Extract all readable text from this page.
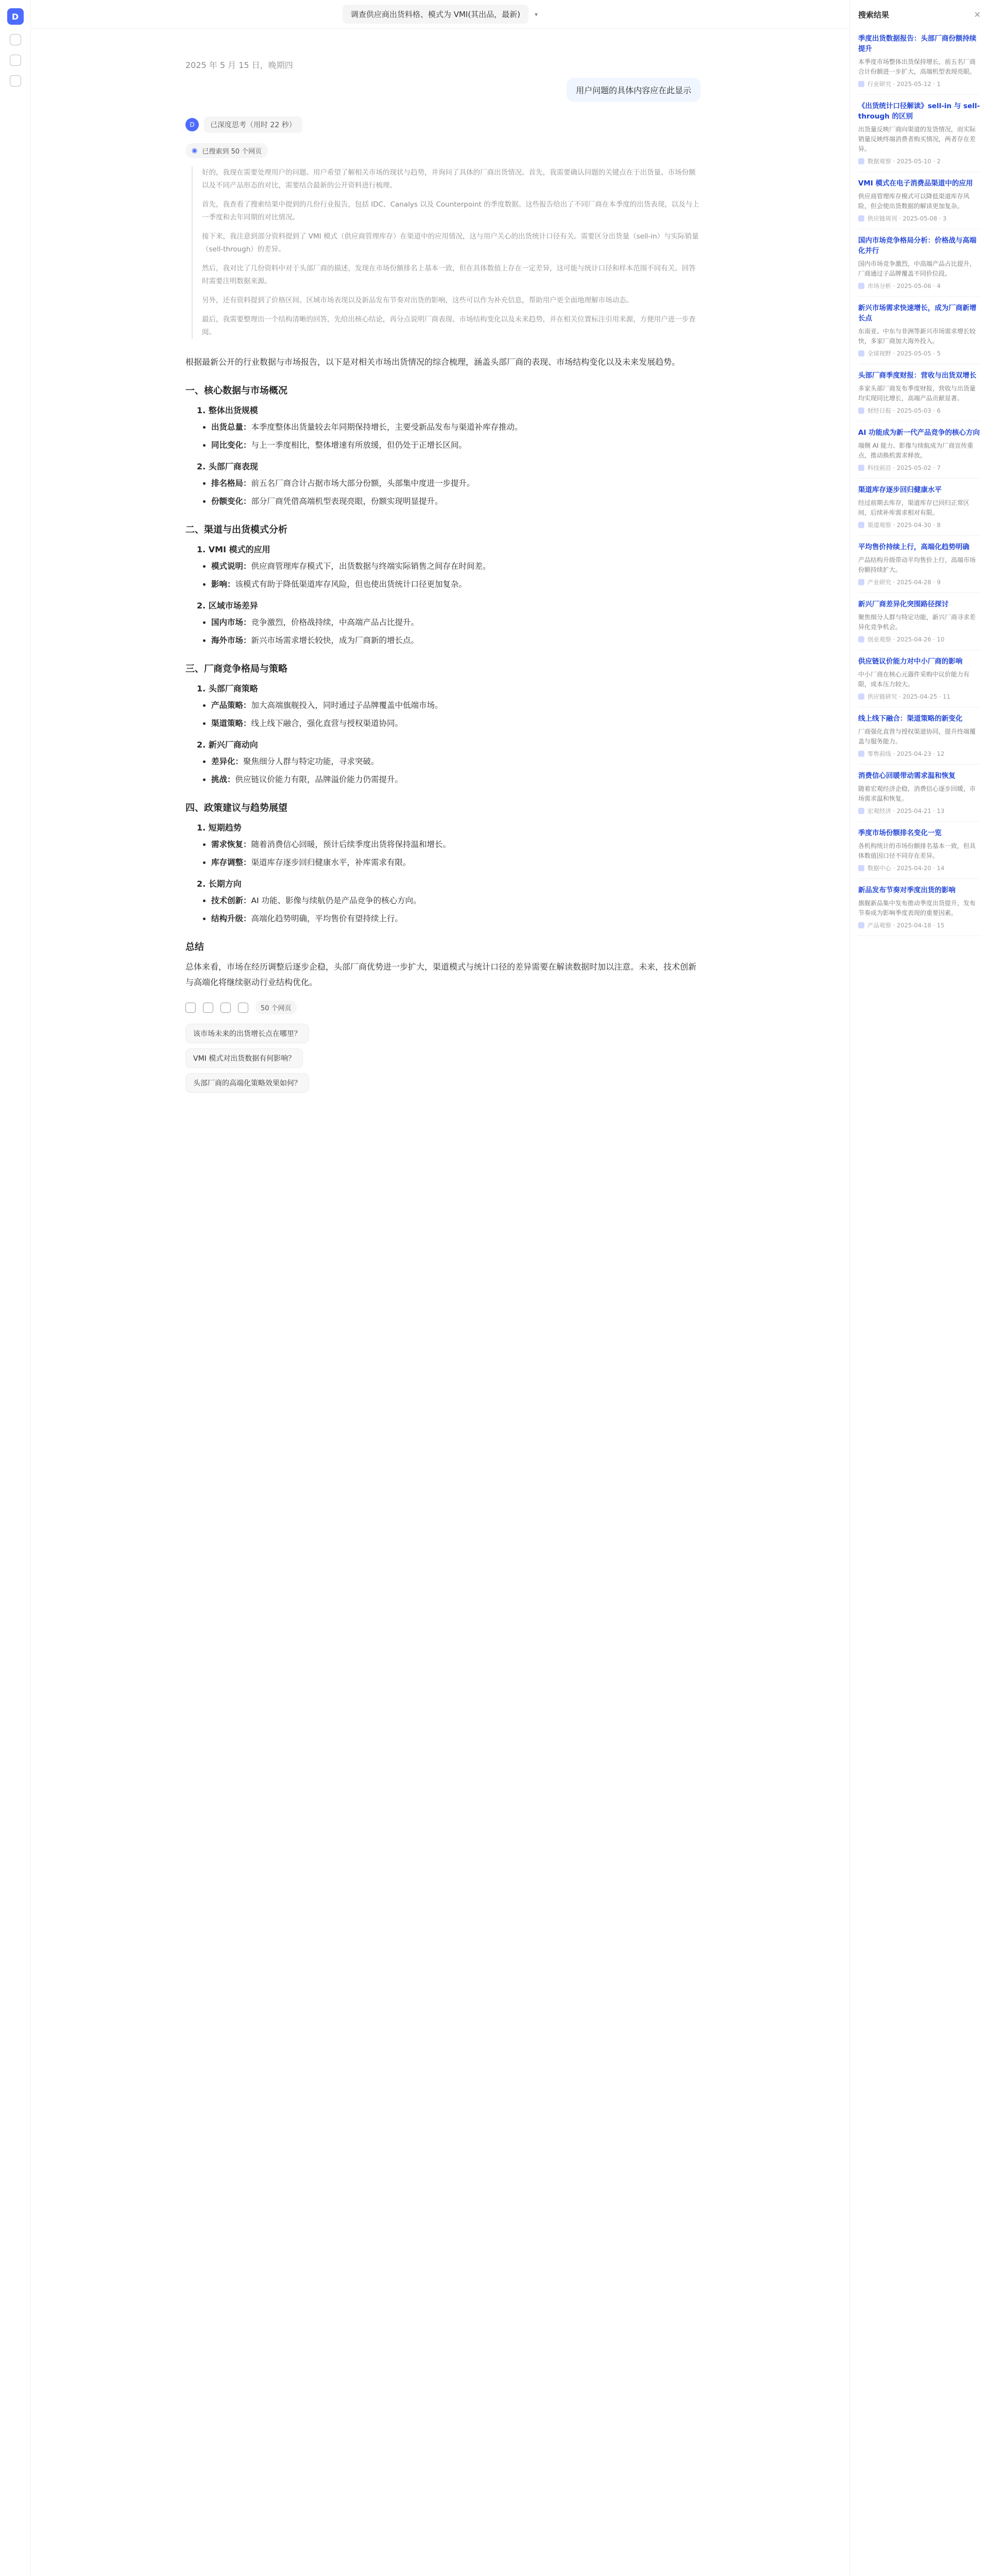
D	调查供应商出货料格、模式为 VMI(其出品，最新)	▾
2025 年 5 月 15 日，晚期四
用户问题的具体内容应在此显示
D	已深度思考（用时 22 秒）
◉ 已搜索到 50 个网页

好的，我现在需要处理用户的问题。用户希望了解相关市场的现状与趋势，并询问了具体的厂商出货情况。首先，我需要确认问题的关键点在于出货量、市场份额以及不同产品形态的对比，需要结合最新的公开资料进行梳理。

首先，我查看了搜索结果中提到的几份行业报告，包括 IDC、Canalys 以及 Counterpoint 的季度数据。这些报告给出了不同厂商在本季度的出货表现，以及与上一季度和去年同期的对比情况。

接下来，我注意到部分资料提到了 VMI 模式（供应商管理库存）在渠道中的应用情况，这与用户关心的出货统计口径有关。需要区分出货量（sell-in）与实际销量（sell-through）的差异。

然后，我对比了几份资料中对于头部厂商的描述，发现在市场份额排名上基本一致，但在具体数值上存在一定差异，这可能与统计口径和样本范围不同有关。回答时需要注明数据来源。

另外，还有资料提到了价格区间、区域市场表现以及新品发布节奏对出货的影响，这些可以作为补充信息，帮助用户更全面地理解市场动态。

最后，我需要整理出一个结构清晰的回答，先给出核心结论，再分点说明厂商表现、市场结构变化以及未来趋势，并在相关位置标注引用来源，方便用户进一步查阅。

根据最新公开的行业数据与市场报告，以下是对相关市场出货情况的综合梳理，涵盖头部厂商的表现、市场结构变化以及未来发展趋势。

一、核心数据与市场概况
1. 整体出货规模
• 出货总量：本季度整体出货量较去年同期保持增长，主要受新品发布与渠道补库存推动。
• 同比变化：与上一季度相比，整体增速有所放缓，但仍处于正增长区间。
2. 头部厂商表现
• 排名格局：前五名厂商合计占据市场大部分份额，头部集中度进一步提升。
• 份额变化：部分厂商凭借高端机型表现亮眼，份额实现明显提升。
二、渠道与出货模式分析
1. VMI 模式的应用
• 模式说明：供应商管理库存模式下，出货数据与终端实际销售之间存在时间差。
• 影响：该模式有助于降低渠道库存风险，但也使出货统计口径更加复杂。
2. 区域市场差异
• 国内市场：竞争激烈，价格战持续，中高端产品占比提升。
• 海外市场：新兴市场需求增长较快，成为厂商新的增长点。
三、厂商竞争格局与策略
1. 头部厂商策略
• 产品策略：加大高端旗舰投入，同时通过子品牌覆盖中低端市场。
• 渠道策略：线上线下融合，强化直营与授权渠道协同。
2. 新兴厂商动向
• 差异化：聚焦细分人群与特定功能，寻求突破。
• 挑战：供应链议价能力有限，品牌溢价能力仍需提升。
四、政策建议与趋势展望
1. 短期趋势
• 需求恢复：随着消费信心回暖，预计后续季度出货将保持温和增长。
• 库存调整：渠道库存逐步回归健康水平，补库需求有限。
2. 长期方向
• 技术创新：AI 功能、影像与续航仍是产品竞争的核心方向。
• 结构升级：高端化趋势明确，平均售价有望持续上行。
总结

总体来看，市场在经历调整后逐步企稳，头部厂商优势进一步扩大，渠道模式与统计口径的差异需要在解读数据时加以注意。未来，技术创新与高端化将继续驱动行业结构优化。

50 个网页
该市场未来的出货增长点在哪里？
VMI 模式对出货数据有何影响？
头部厂商的高端化策略效果如何？
搜索结果	✕
季度出货数据报告：头部厂商份额持续提升
本季度市场整体出货保持增长，前五名厂商合计份额进一步扩大，高端机型表现亮眼。
行业研究 · 2025-05-12 · 1
《出货统计口径解读》sell-in 与 sell-through 的区别
出货量反映厂商向渠道的发货情况，而实际销量反映终端消费者购买情况，两者存在差异。
数据观察 · 2025-05-10 · 2
VMI 模式在电子消费品渠道中的应用
供应商管理库存模式可以降低渠道库存风险，但会使出货数据的解读更加复杂。
供应链周刊 · 2025-05-08 · 3
国内市场竞争格局分析：价格战与高端化并行
国内市场竞争激烈，中高端产品占比提升，厂商通过子品牌覆盖不同价位段。
市场分析 · 2025-05-06 · 4
新兴市场需求快速增长，成为厂商新增长点
东南亚、中东与非洲等新兴市场需求增长较快，多家厂商加大海外投入。
全球视野 · 2025-05-05 · 5
头部厂商季度财报：营收与出货双增长
多家头部厂商发布季度财报，营收与出货量均实现同比增长，高端产品贡献显著。
财经日报 · 2025-05-03 · 6
AI 功能成为新一代产品竞争的核心方向
端侧 AI 能力、影像与续航成为厂商宣传重点，推动换机需求释放。
科技前沿 · 2025-05-02 · 7
渠道库存逐步回归健康水平
经过前期去库存，渠道库存已回归正常区间，后续补库需求相对有限。
渠道观察 · 2025-04-30 · 8
平均售价持续上行，高端化趋势明确
产品结构升级带动平均售价上行，高端市场份额持续扩大。
产业研究 · 2025-04-28 · 9
新兴厂商差异化突围路径探讨
聚焦细分人群与特定功能，新兴厂商寻求差异化竞争机会。
创业观察 · 2025-04-26 · 10
供应链议价能力对中小厂商的影响
中小厂商在核心元器件采购中议价能力有限，成本压力较大。
供应链研究 · 2025-04-25 · 11
线上线下融合：渠道策略的新变化
厂商强化直营与授权渠道协同，提升终端覆盖与服务能力。
零售前线 · 2025-04-23 · 12
消费信心回暖带动需求温和恢复
随着宏观经济企稳，消费信心逐步回暖，市场需求温和恢复。
宏观经济 · 2025-04-21 · 13
季度市场份额排名变化一览
各机构统计的市场份额排名基本一致，但具体数值因口径不同存在差异。
数据中心 · 2025-04-20 · 14
新品发布节奏对季度出货的影响
旗舰新品集中发布推动季度出货提升，发布节奏成为影响季度表现的重要因素。
产品观察 · 2025-04-18 · 15
